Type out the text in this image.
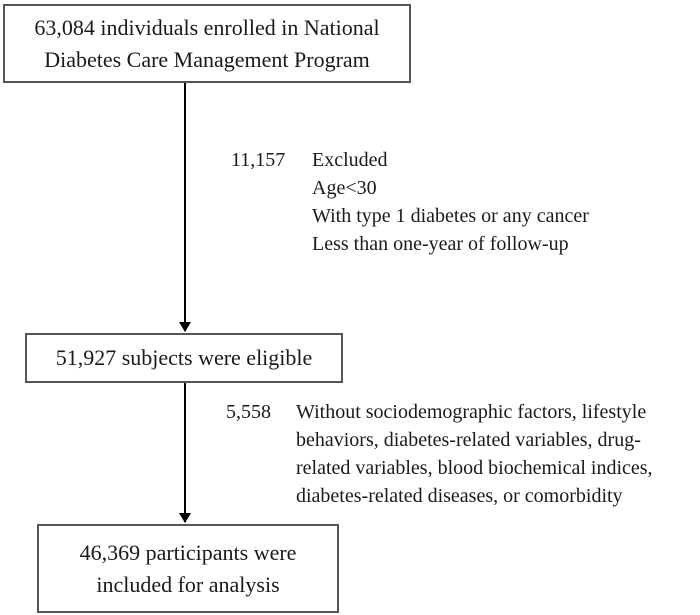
63,084 individuals enrolled in National
Diabetes Care Management Program
11,157 Excluded
Age<30
With type 1 diabetes or any cancer
Less than one-year of follow-up
51,927 subjects were eligible
5,558 Without sociodemographic factors, lifestyle
behaviors, diabetes-related variables, drug-
related variables, blood biochemical indices,
diabetes-related diseases, or comorbidity
46,369 participants were
included for analysis
